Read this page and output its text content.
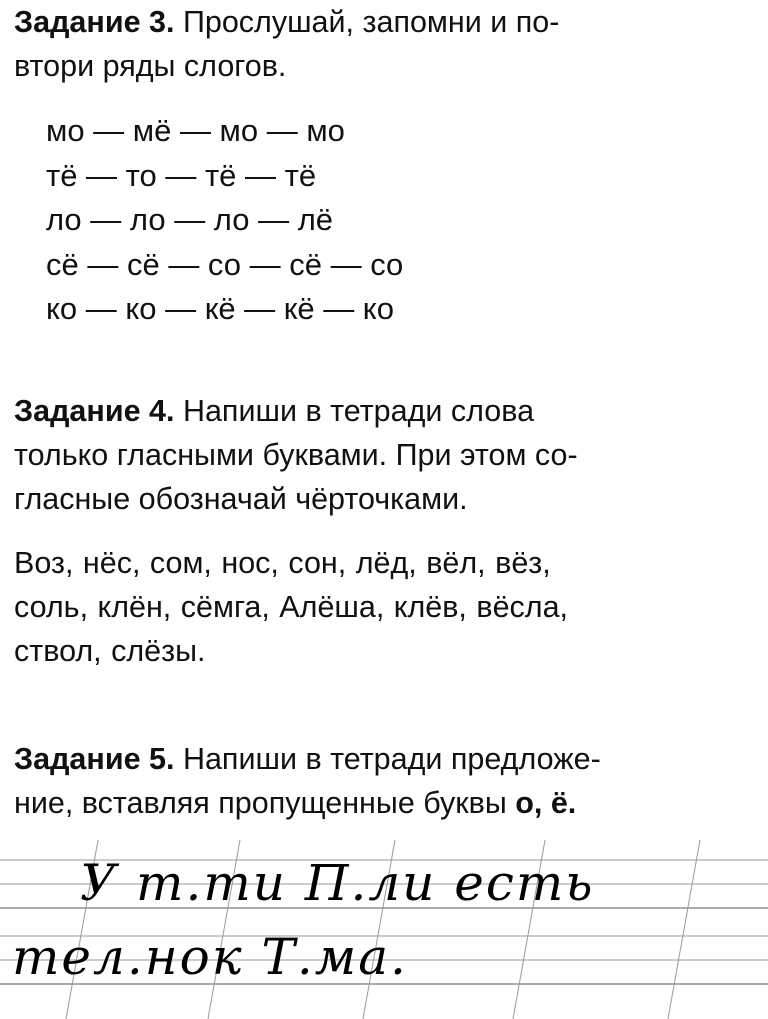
Задание 3. Прослушай, запомни и по-
втори ряды слогов.

мо — мё — мо — мо
тё — то — тё — тё
ло — ло — ло — лё
сё — сё — со — сё — со
ко — ко — кё — кё — ко

Задание 4. Напиши в тетради слова
только гласными буквами. При этом со-
гласные обозначай чёрточками.

Воз, нёс, сом, нос, сон, лёд, вёл, вёз,
соль, клён, сёмга, Алёша, клёв, вёсла,
ствол, слёзы.

Задание 5. Напиши в тетради предложе-
ние, вставляя пропущенные буквы о, ё.

У т.ти П.ли есть
тел.нок Т.ма.
